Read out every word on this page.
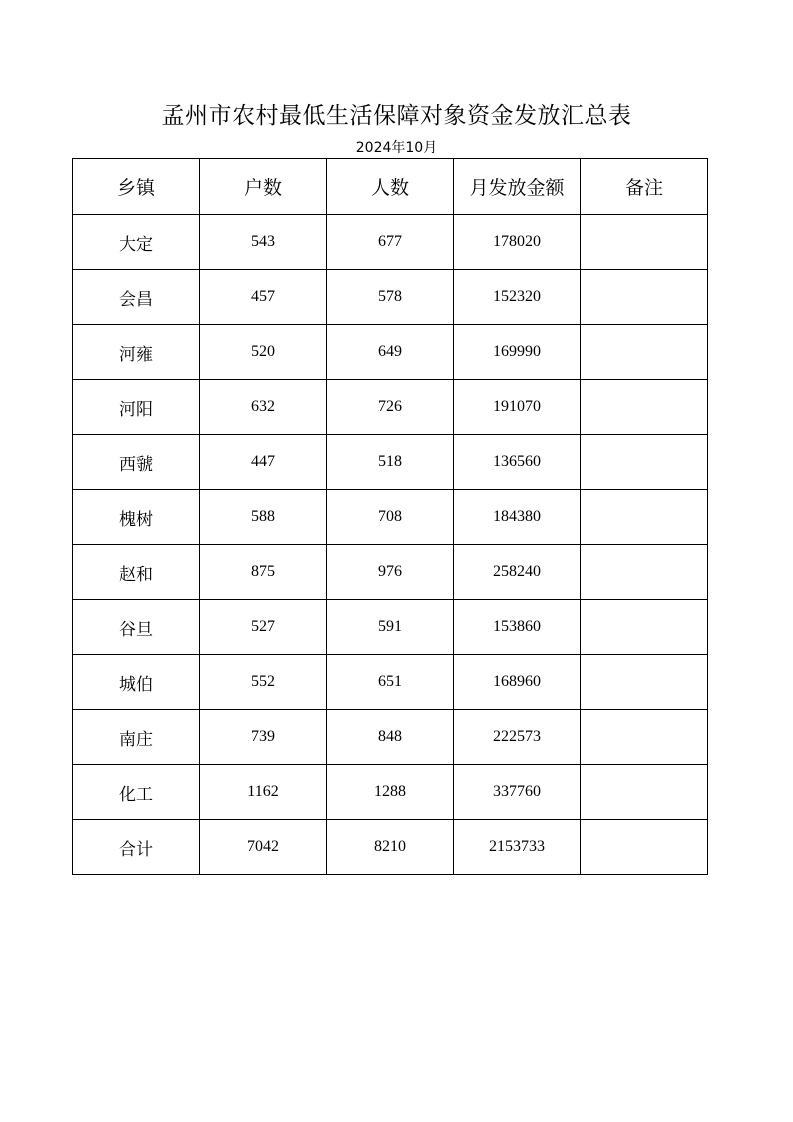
孟州市农村最低生活保障对象资金发放汇总表
2024年10月
乡镇	户数	人数	月发放金额	备注
大定	543	677	178020	
会昌	457	578	152320	
河雍	520	649	169990	
河阳	632	726	191070	
西虢	447	518	136560	
槐树	588	708	184380	
赵和	875	976	258240	
谷旦	527	591	153860	
城伯	552	651	168960	
南庄	739	848	222573	
化工	1162	1288	337760	
合计	7042	8210	2153733	
